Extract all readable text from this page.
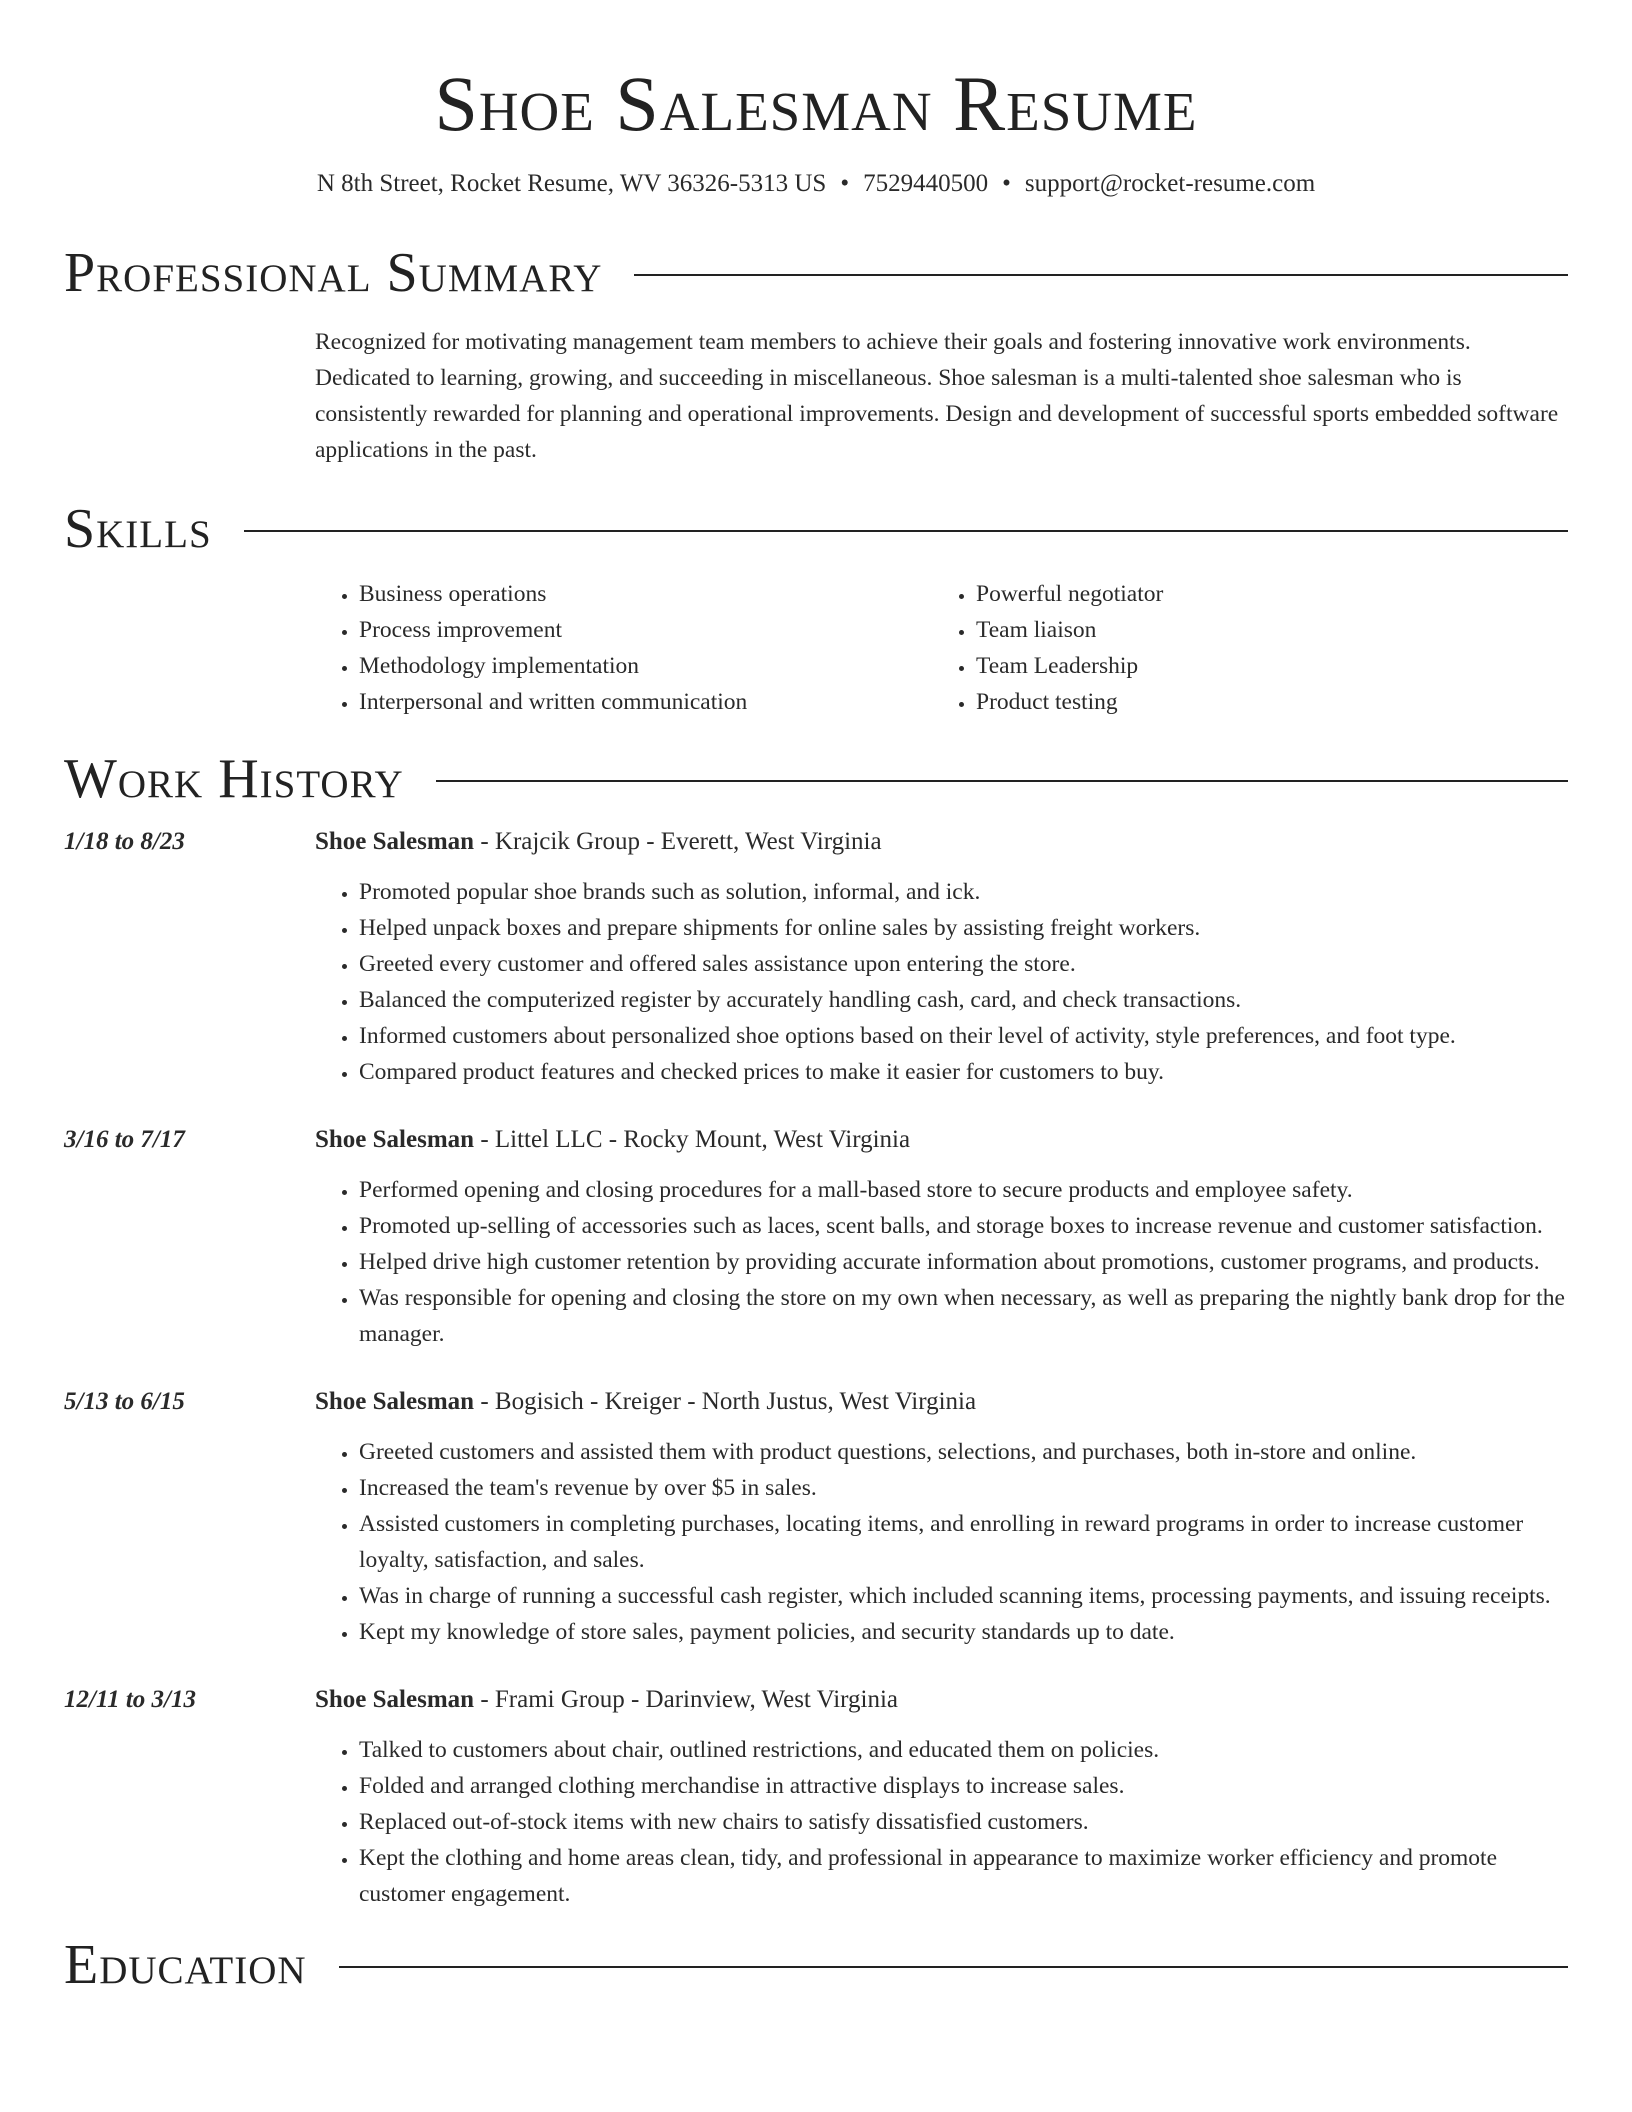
Shoe Salesman Resume
N 8th Street, Rocket Resume, WV 36326-5313 US • 7529440500 • support@rocket-resume.com
Professional Summary

Recognized for motivating management team members to achieve their goals and fostering innovative work environments. Dedicated to learning, growing, and succeeding in miscellaneous. Shoe salesman is a multi-talented shoe salesman who is consistently rewarded for planning and operational improvements. Design and development of successful sports embedded software applications in the past.

Skills
• Business operations
• Process improvement
• Methodology implementation
• Interpersonal and written communication
• Powerful negotiator
• Team liaison
• Team Leadership
• Product testing
Work History
1/18 to 8/23	Shoe Salesman - Krajcik Group - Everett, West Virginia
• Promoted popular shoe brands such as solution, informal, and ick.
• Helped unpack boxes and prepare shipments for online sales by assisting freight workers.
• Greeted every customer and offered sales assistance upon entering the store.
• Balanced the computerized register by accurately handling cash, card, and check transactions.
• Informed customers about personalized shoe options based on their level of activity, style preferences, and foot type.
• Compared product features and checked prices to make it easier for customers to buy.
3/16 to 7/17	Shoe Salesman - Littel LLC - Rocky Mount, West Virginia
• Performed opening and closing procedures for a mall-based store to secure products and employee safety.
• Promoted up-selling of accessories such as laces, scent balls, and storage boxes to increase revenue and customer satisfaction.
• Helped drive high customer retention by providing accurate information about promotions, customer programs, and products.
• Was responsible for opening and closing the store on my own when necessary, as well as preparing the nightly bank drop for the manager.
5/13 to 6/15	Shoe Salesman - Bogisich - Kreiger - North Justus, West Virginia
• Greeted customers and assisted them with product questions, selections, and purchases, both in-store and online.
• Increased the team's revenue by over $5 in sales.
• Assisted customers in completing purchases, locating items, and enrolling in reward programs in order to increase customer loyalty, satisfaction, and sales.
• Was in charge of running a successful cash register, which included scanning items, processing payments, and issuing receipts.
• Kept my knowledge of store sales, payment policies, and security standards up to date.
12/11 to 3/13	Shoe Salesman - Frami Group - Darinview, West Virginia
• Talked to customers about chair, outlined restrictions, and educated them on policies.
• Folded and arranged clothing merchandise in attractive displays to increase sales.
• Replaced out-of-stock items with new chairs to satisfy dissatisfied customers.
• Kept the clothing and home areas clean, tidy, and professional in appearance to maximize worker efficiency and promote customer engagement.
Education
